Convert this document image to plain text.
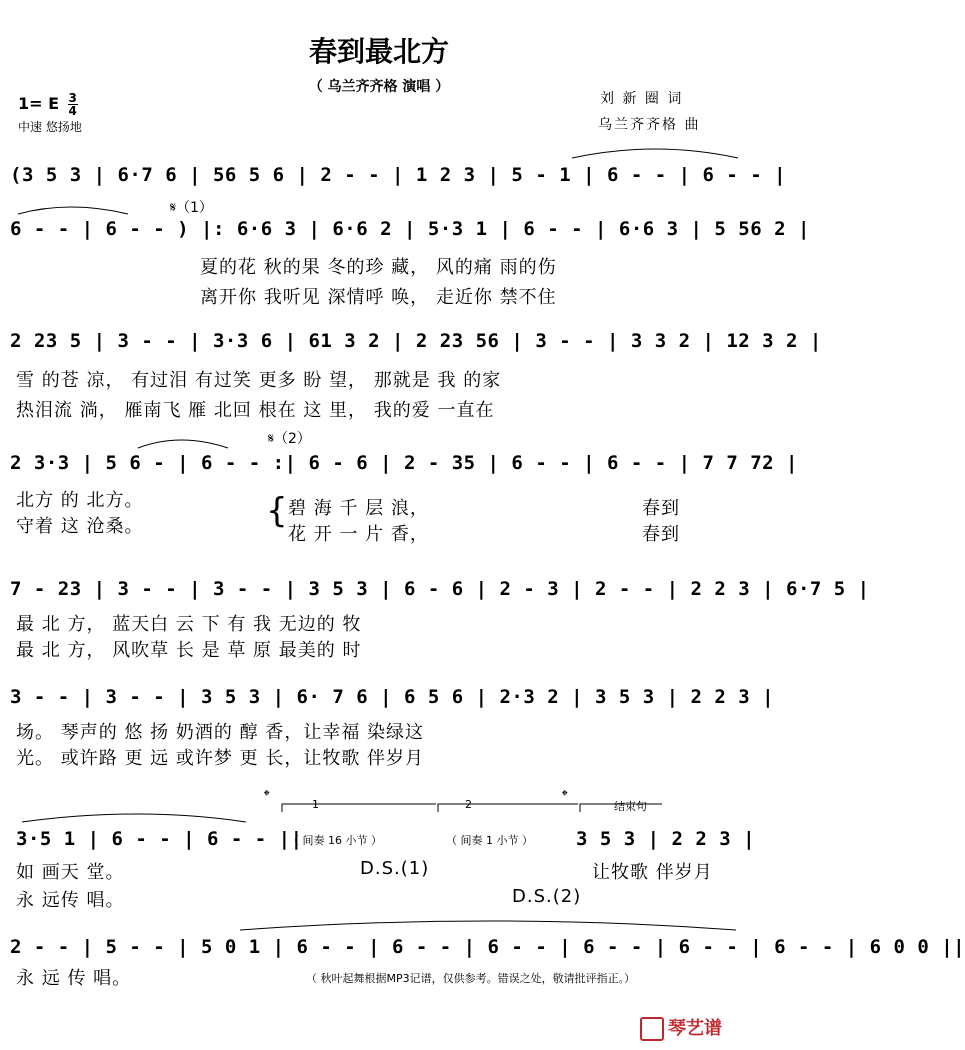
春到最北方
（ 乌兰齐齐格 演唱 ）
1= E $\frac{3}{4}$
中速 悠扬地
刘 新 圈 词
乌兰齐齐格 曲
(3 5 3 | 6·7 6 | 56 5 6 | 2 - - | 1 2 3 | 5 - 1 | 6 - - | 6 - - |
𝄋（1）
6 - - | 6 - - ) |: 6·6 3 | 6·6 2 | 5·3 1 | 6 - - | 6·6 3 | 5 56 2 |
夏的花 秋的果 冬的珍 藏， 风的痛 雨的伤
离开你 我听见 深情呼 唤， 走近你 禁不住
2 23 5 | 3 - - | 3·3 6 | 61 3 2 | 2 23 56 | 3 - - | 3 3 2 | 12 3 2 |
雪 的苍 凉， 有过泪 有过笑 更多 盼 望， 那就是 我 的家
热泪流 淌， 雁南飞 雁 北回 根在 这 里， 我的爱 一直在
𝄋（2）
2 3·3 | 5 6 - | 6 - - :| 6 - 6 | 2 - 35 | 6 - - | 6 - - | 7 7 72 |
北方 的 北方。
守着 这 沧桑。	{ 碧 海 千 层 浪，
花 开 一 片 香，
春到
春到
7 - 23 | 3 - - | 3 - - | 3 5 3 | 6 - 6 | 2 - 3 | 2 - - | 2 2 3 | 6·7 5 |
最 北 方， 蓝天白 云 下 有 我 无边的 牧
最 北 方， 风吹草 长 是 草 原 最美的 时
3 - - | 3 - - | 3 5 3 | 6· 7 6 | 6 5 6 | 2·3 2 | 3 5 3 | 2 2 3 |
场。 琴声的 悠 扬 奶酒的 醇 香，让幸福 染绿这
光。 或许路 更 远 或许梦 更 长，让牧歌 伴岁月
𝄌	𝄌
1	2	结束句
3·5 1 | 6 - - | 6 - - ||
（ 间奏 16 小节 ）	（ 间奏 1 小节 ） 3 5 3 | 2 2 3 |
如 画天 堂。
永 远传 唱。
D.S.(1)
D.S.(2)
让牧歌 伴岁月
2 - - | 5 - - | 5 0 1 | 6 - - | 6 - - | 6 - - | 6 - - | 6 - - | 6 - - | 6 0 0 ||
永 远 传 唱。	（ 秋叶起舞根据MP3记谱，仅供参考。错误之处，敬请批评指正。）
琴艺谱
